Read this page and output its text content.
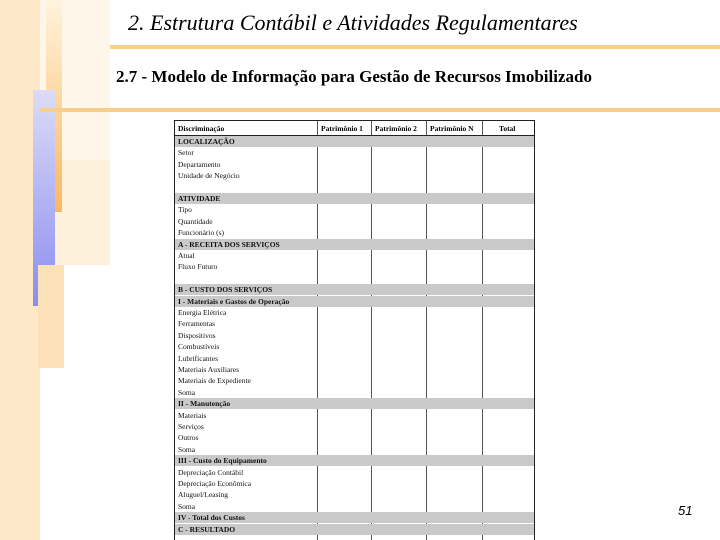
2. Estrutura Contábil e Atividades Regulamentares
2.7 - Modelo de Informação para Gestão de Recursos Imobilizado
Discriminação	Patrimônio 1 Patrimônio 2 Patrimônio N	Total
LOCALIZAÇÃO
Setor
Departamento
Unidade de Negócio
ATIVIDADE
Tipo
Quantidade
Funcionário (s)
A - RECEITA DOS SERVIÇOS
Atual
Fluxo Futuro
B - CUSTO DOS SERVIÇOS
I - Materiais e Gastos de Operação
Energia Elétrica
Ferramentas
Dispositivos
Combustíveis
Lubrificantes
Materiais Auxiliares
Materiais de Expediente
Soma
II - Manutenção
Materiais
Serviços
Outros
Soma
III - Custo do Equipamento
Depreciação Contábil
Depreciação Econômica
Aluguel/Leasing
Soma
IV - Total dos Custos
C - RESULTADO
51
